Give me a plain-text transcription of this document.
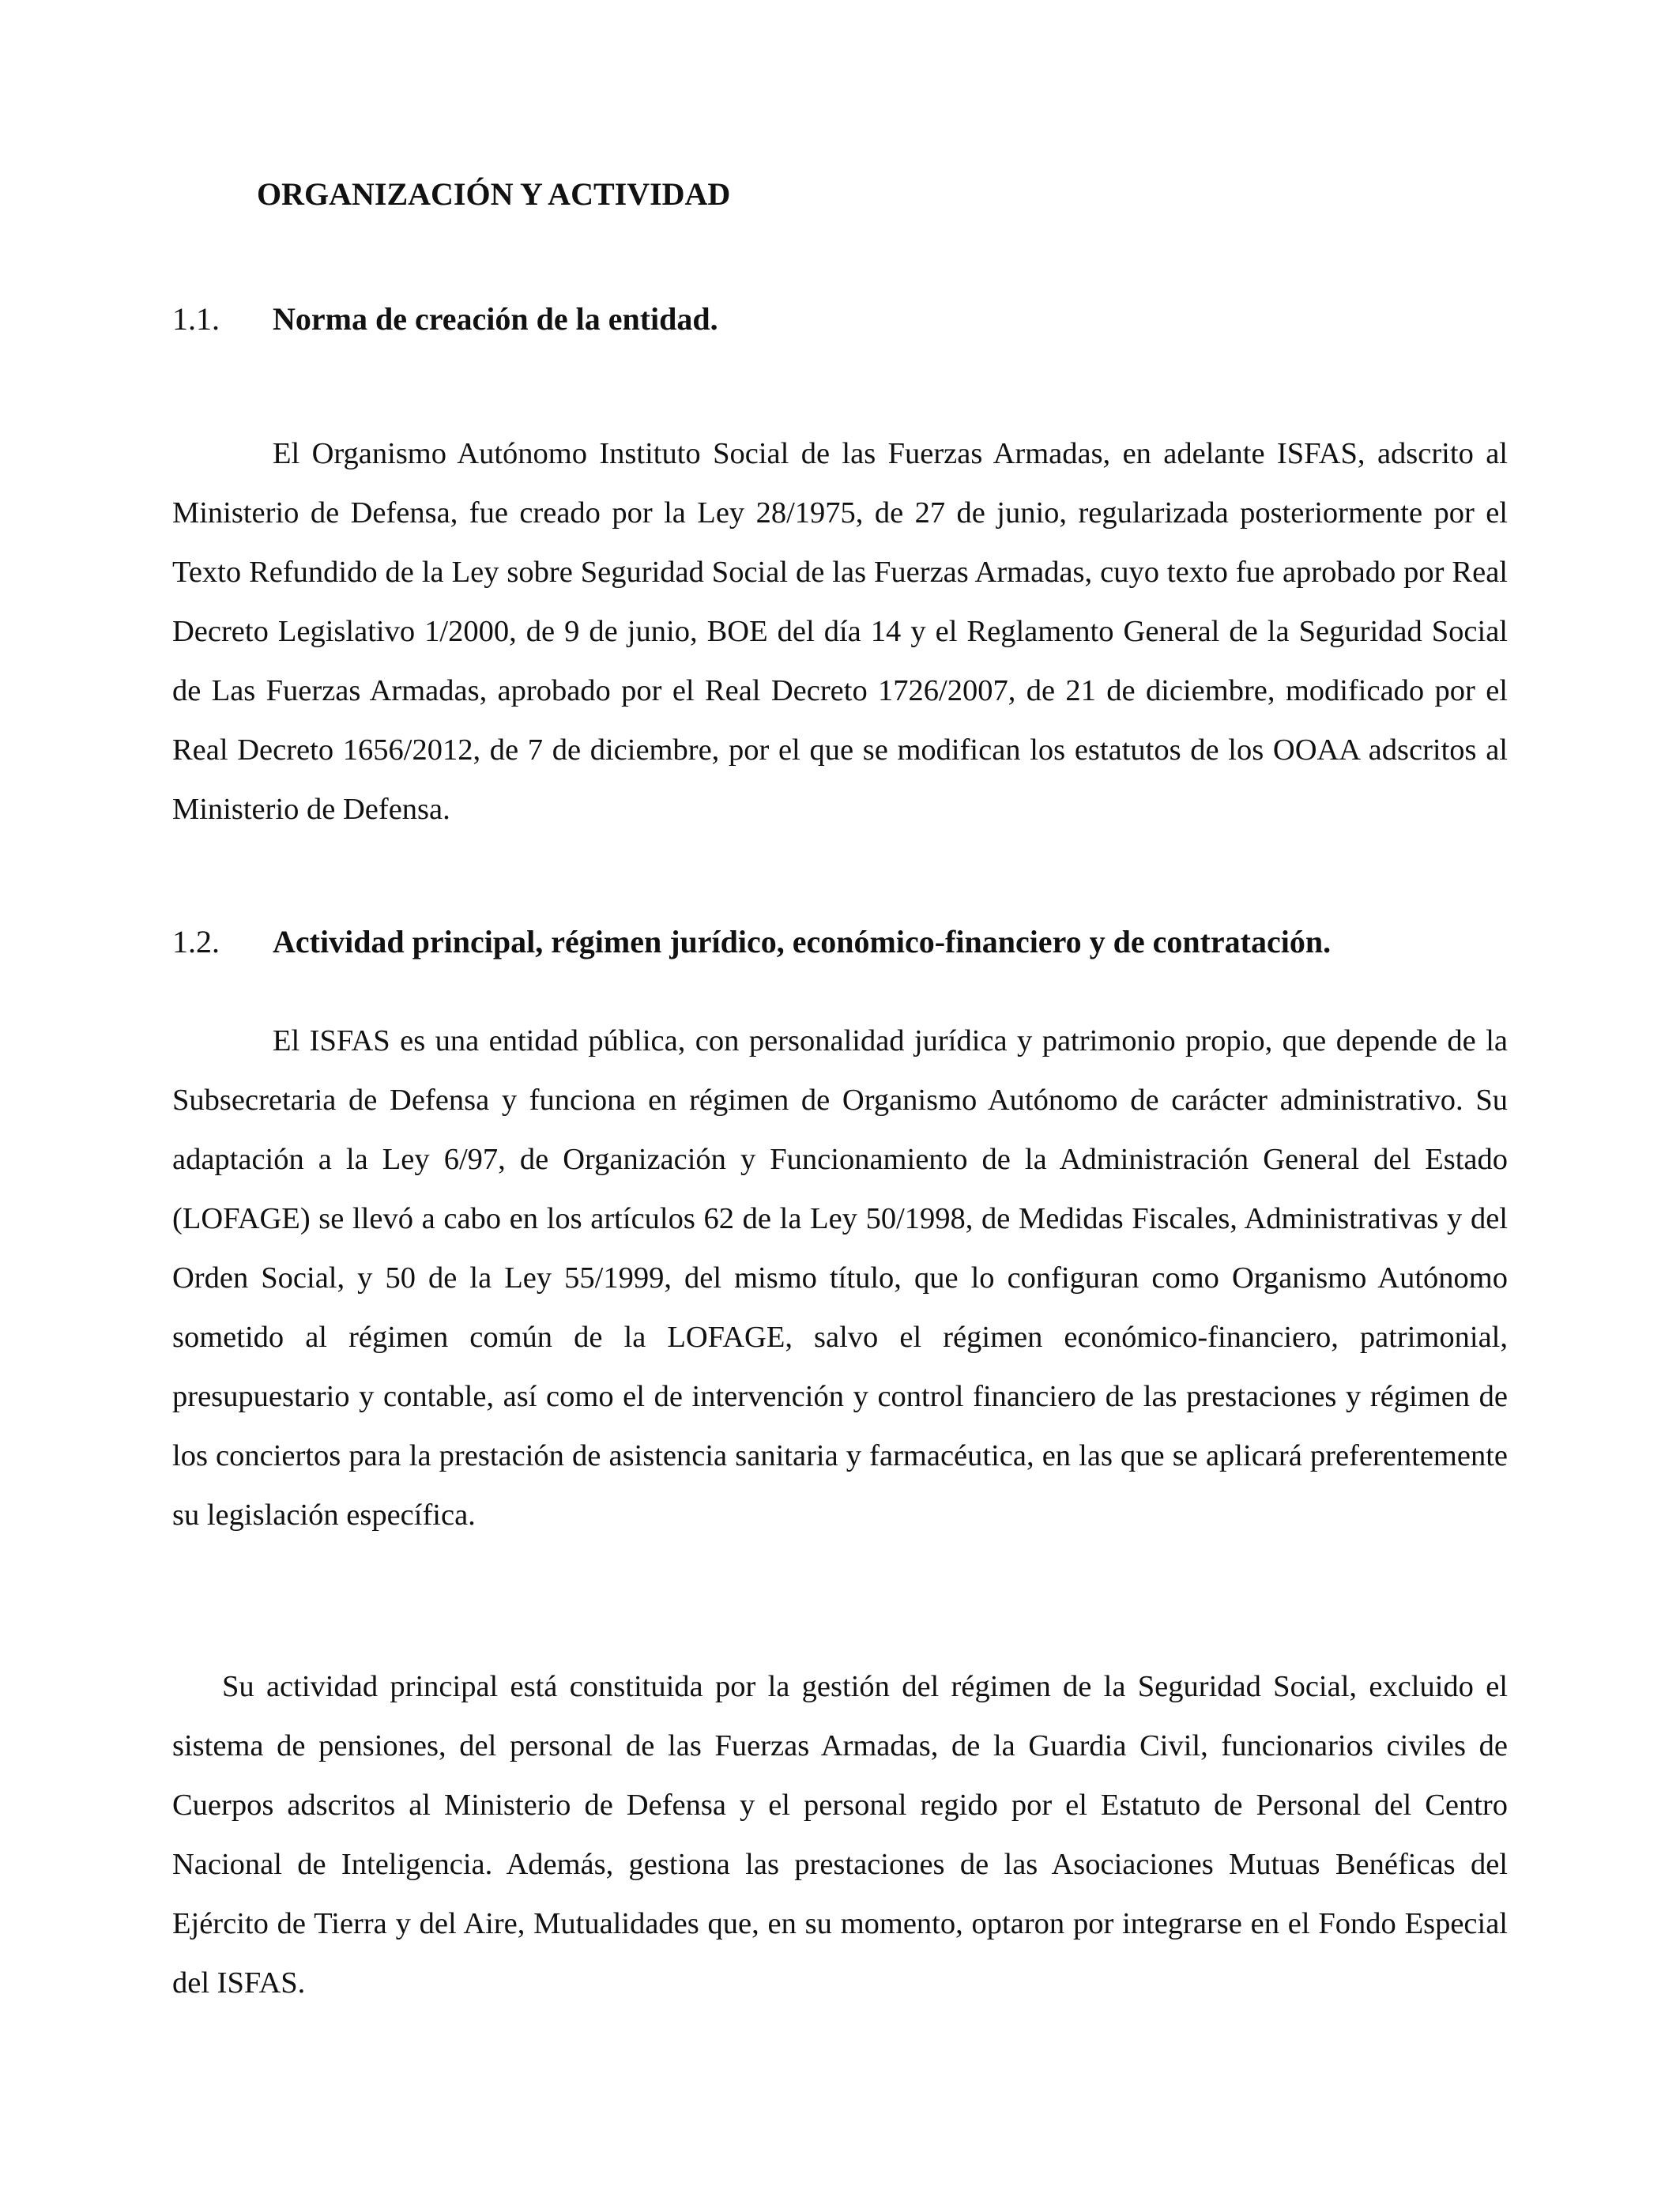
ORGANIZACIÓN Y ACTIVIDAD
1.1. Norma de creación de la entidad.

El Organismo Autónomo Instituto Social de las Fuerzas Armadas, en adelante ISFAS, adscrito al Ministerio de Defensa, fue creado por la Ley 28/1975, de 27 de junio, regularizada posteriormente por el Texto Refundido de la Ley sobre Seguridad Social de las Fuerzas Armadas, cuyo texto fue aprobado por Real Decreto Legislativo 1/2000, de 9 de junio, BOE del día 14 y el Reglamento General de la Seguridad Social de Las Fuerzas Armadas, aprobado por el Real Decreto 1726/2007, de 21 de diciembre, modificado por el Real Decreto 1656/2012, de 7 de diciembre, por el que se modifican los estatutos de los OOAA adscritos al Ministerio de Defensa.

1.2. Actividad principal, régimen jurídico, económico-financiero y de contratación.

El ISFAS es una entidad pública, con personalidad jurídica y patrimonio propio, que depende de la Subsecretaria de Defensa y funciona en régimen de Organismo Autónomo de carácter administrativo. Su adaptación a la Ley 6/97, de Organización y Funcionamiento de la Administración General del Estado (LOFAGE) se llevó a cabo en los artículos 62 de la Ley 50/1998, de Medidas Fiscales, Administrativas y del Orden Social, y 50 de la Ley 55/1999, del mismo título, que lo configuran como Organismo Autónomo sometido al régimen común de la LOFAGE, salvo el régimen económico-financiero, patrimonial, presupuestario y contable, así como el de intervención y control financiero de las prestaciones y régimen de los conciertos para la prestación de asistencia sanitaria y farmacéutica, en las que se aplicará preferentemente su legislación específica.

Su actividad principal está constituida por la gestión del régimen de la Seguridad Social, excluido el sistema de pensiones, del personal de las Fuerzas Armadas, de la Guardia Civil, funcionarios civiles de Cuerpos adscritos al Ministerio de Defensa y el personal regido por el Estatuto de Personal del Centro Nacional de Inteligencia. Además, gestiona las prestaciones de las Asociaciones Mutuas Benéficas del Ejército de Tierra y del Aire, Mutualidades que, en su momento, optaron por integrarse en el Fondo Especial del ISFAS.
